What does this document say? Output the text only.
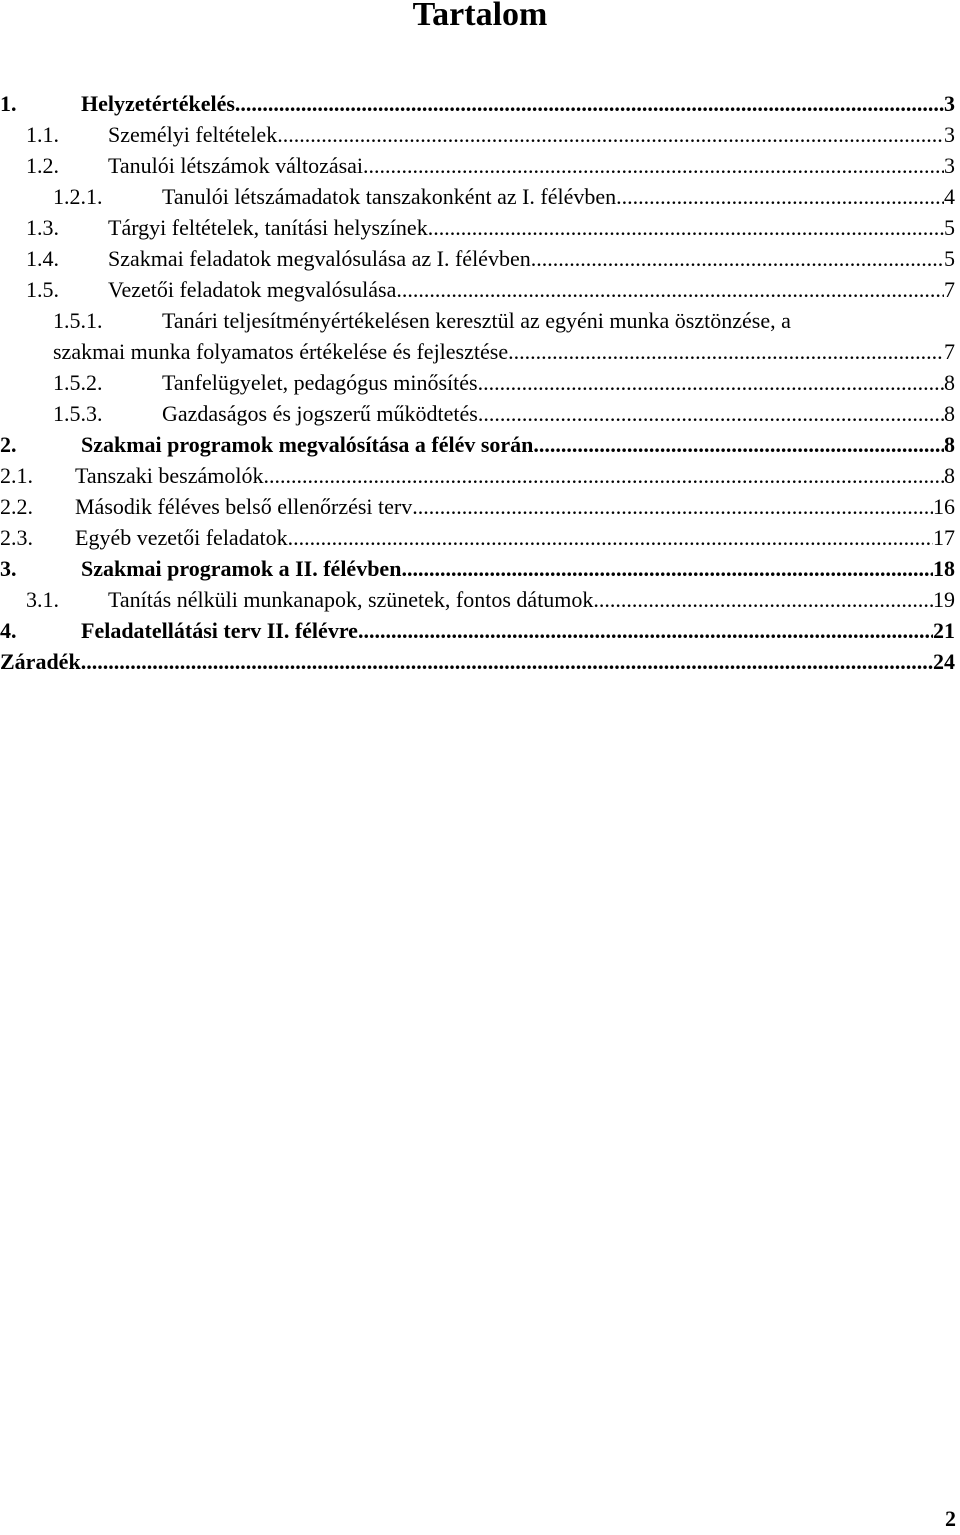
Tartalom
1.	Helyzetértékelés .....	3
1.1.	Személyi feltételek .....	3
1.2.	Tanulói létszámok változásai .....	3
1.2.1.	Tanulói létszámadatok tanszakonként az I. félévben .....	4
1.3.	Tárgyi feltételek, tanítási helyszínek .....	5
1.4.	Szakmai feladatok megvalósulása az I. félévben .....	5
1.5.	Vezetői feladatok megvalósulása .....	7
1.5.1.	Tanári teljesítményértékelésen keresztül az egyéni munka ösztönzése, a
szakmai munka folyamatos értékelése és fejlesztése .....	7
1.5.2.	Tanfelügyelet, pedagógus minősítés .....	8
1.5.3.	Gazdaságos és jogszerű működtetés .....	8
2.	Szakmai programok megvalósítása a félév során .....	8
2.1.	Tanszaki beszámolók .....	8
2.2.	Második féléves belső ellenőrzési terv .....	16
2.3.	Egyéb vezetői feladatok .....	17
3.	Szakmai programok a II. félévben .....	18
3.1.	Tanítás nélküli munkanapok, szünetek, fontos dátumok .....	19
4.	Feladatellátási terv II. félévre .....	21
Záradék .....	24
2
